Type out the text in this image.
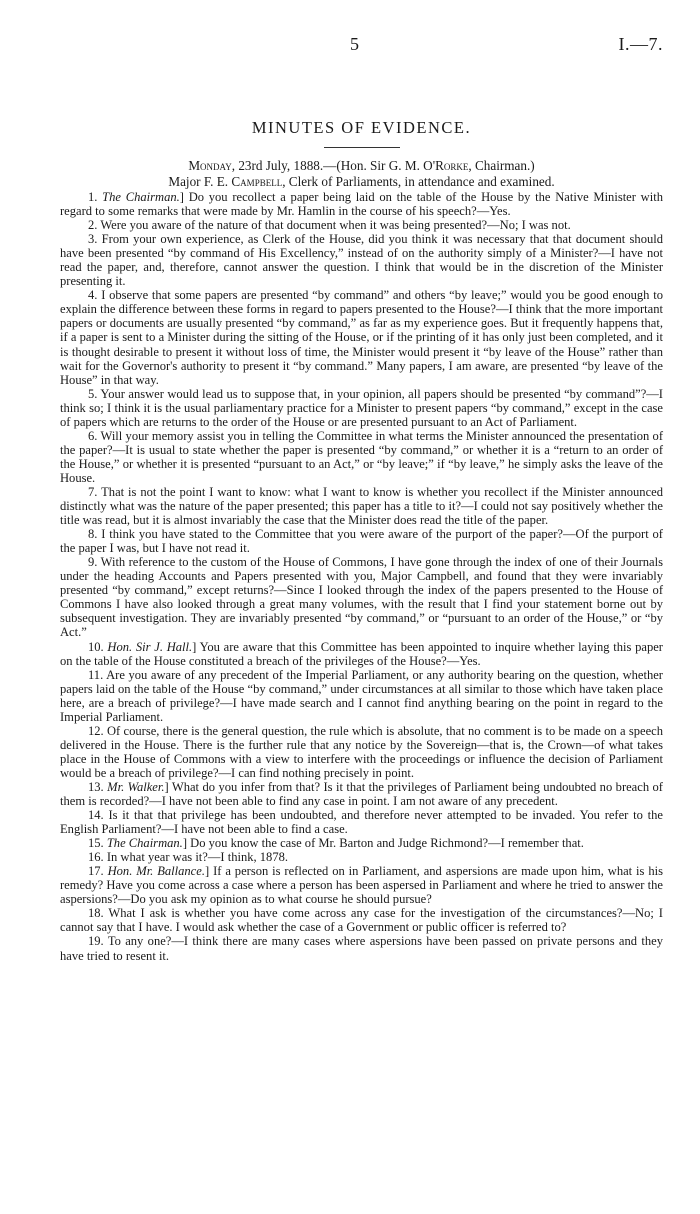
5	I.—7.
MINUTES OF EVIDENCE.
Monday, 23rd July, 1888.—(Hon. Sir G. M. O'Rorke, Chairman.)
Major F. E. Campbell, Clerk of Parliaments, in attendance and examined.

1. The Chairman.] Do you recollect a paper being laid on the table of the House by the Native Minister with regard to some remarks that were made by Mr. Hamlin in the course of his speech?—Yes.

2. Were you aware of the nature of that document when it was being presented?—No; I was not.

3. From your own experience, as Clerk of the House, did you think it was necessary that that document should have been presented “by command of His Excellency,” instead of on the authority simply of a Minister?—I have not read the paper, and, therefore, cannot answer the question. I think that would be in the discretion of the Minister presenting it.

4. I observe that some papers are presented “by command” and others “by leave;” would you be good enough to explain the difference between these forms in regard to papers presented to the House?—I think that the more important papers or documents are usually presented “by command,” as far as my experience goes. But it frequently happens that, if a paper is sent to a Minister during the sitting of the House, or if the printing of it has only just been completed, and it is thought desirable to present it without loss of time, the Minister would present it “by leave of the House” rather than wait for the Governor's authority to present it “by command.” Many papers, I am aware, are presented “by leave of the House” in that way.

5. Your answer would lead us to suppose that, in your opinion, all papers should be presented “by command”?—I think so; I think it is the usual parliamentary practice for a Minister to present papers “by command,” except in the case of papers which are returns to the order of the House or are presented pursuant to an Act of Parliament.

6. Will your memory assist you in telling the Committee in what terms the Minister announced the presentation of the paper?—It is usual to state whether the paper is presented “by command,” or whether it is a “return to an order of the House,” or whether it is presented “pursuant to an Act,” or “by leave;” if “by leave,” he simply asks the leave of the House.

7. That is not the point I want to know: what I want to know is whether you recollect if the Minister announced distinctly what was the nature of the paper presented; this paper has a title to it?—I could not say positively whether the title was read, but it is almost invariably the case that the Minister does read the title of the paper.

8. I think you have stated to the Committee that you were aware of the purport of the paper?—Of the purport of the paper I was, but I have not read it.

9. With reference to the custom of the House of Commons, I have gone through the index of one of their Journals under the heading Accounts and Papers presented with you, Major Campbell, and found that they were invariably presented “by command,” except returns?—Since I looked through the index of the papers presented to the House of Commons I have also looked through a great many volumes, with the result that I find your statement borne out by subsequent investigation. They are invariably presented “by command,” or “pursuant to an order of the House,” or “by Act.”

10. Hon. Sir J. Hall.] You are aware that this Committee has been appointed to inquire whether laying this paper on the table of the House constituted a breach of the privileges of the House?—Yes.

11. Are you aware of any precedent of the Imperial Parliament, or any authority bearing on the question, whether papers laid on the table of the House “by command,” under circumstances at all similar to those which have taken place here, are a breach of privilege?—I have made search and I cannot find anything bearing on the point in regard to the Imperial Parliament.

12. Of course, there is the general question, the rule which is absolute, that no comment is to be made on a speech delivered in the House. There is the further rule that any notice by the Sovereign—that is, the Crown—of what takes place in the House of Commons with a view to interfere with the proceedings or influence the decision of Parliament would be a breach of privilege?—I can find nothing precisely in point.

13. Mr. Walker.] What do you infer from that? Is it that the privileges of Parliament being undoubted no breach of them is recorded?—I have not been able to find any case in point. I am not aware of any precedent.

14. Is it that that privilege has been undoubted, and therefore never attempted to be invaded. You refer to the English Parliament?—I have not been able to find a case.

15. The Chairman.] Do you know the case of Mr. Barton and Judge Richmond?—I remember that.

16. In what year was it?—I think, 1878.

17. Hon. Mr. Ballance.] If a person is reflected on in Parliament, and aspersions are made upon him, what is his remedy? Have you come across a case where a person has been aspersed in Parliament and where he tried to answer the aspersions?—Do you ask my opinion as to what course he should pursue?

18. What I ask is whether you have come across any case for the investigation of the circumstances?—No; I cannot say that I have. I would ask whether the case of a Government or public officer is referred to?

19. To any one?—I think there are many cases where aspersions have been passed on private persons and they have tried to resent it.
